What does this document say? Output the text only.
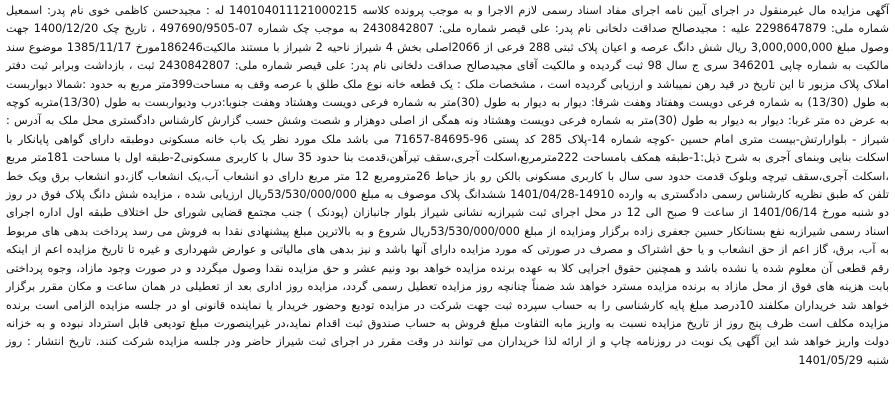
آگهی مزایده مال غیرمنقول در اجرای آیین نامه اجرای مفاد اسناد رسمی لازم الاجرا و به موجب پرونده کلاسه 140104011121000215 له : مجیدحسن کاظمی خوی نام پدر: اسمعیل شماره ملی: 2298647879 علیه : مجیدصالح صداقت دلخانی نام پدر: علی قیصر شماره ملی: 2430842807 به موجب چک شماره 07-497690/9505 ، تاریخ چک 1400/12/20 جهت وصول مبلغ 3,000,000,000 ریال شش دانگ عرصه و اعیان پلاک ثبتی 288 فرعی از 2066اصلی بخش 4 شیراز ناحیه 2 شیراز با مستند مالکیت186246مورخ 1385/11/17 موضوع سند مالکیت به شماره چاپی 346201 سری ج سال 98 ثبت گردیده و مالکیت آقای مجیدصالح صداقت دلخانی نام پدر: علی قیصر شماره ملی: 2430842807 ثبت ، بازداشت وبرابر ثبت دفتر املاک پلاک مزبور تا این تاریخ در قید رهن نمیباشد و ارزیابی گردیده است ، مشخصات ملک : یک قطعه خانه نوع ملک طلق با عرصه وقف به مساحت399متر مربع به حدود :شمالا دیواربست به طول (13/30) به شماره فرعی دویست وهفتاد وهفت شرقا: دیوار به دیوار به طول (30)متر به شماره فرعی دویست وهشتاد وهفت جنوبا:درب ودیواربست به طول (13/30)متربه کوچه به عرض ده متر غربا: دیوار به دیوار به طول (30)متر به شماره فرعی دویست وهشتاد ونه همگی از اصلی دوهزار و شصت وشش حسب گزارش کارشناس دادگستری محل ملک به آدرس : شیراز - بلوارارتش-بیست متری امام حسین -کوچه شماره 14-پلاک 285 کد پستی 96-84695-71657 می باشد ملک مورد نظر یک باب خانه مسکونی دوطبقه دارای گواهی پایانکار با اسکلت بنایی وبنمای آجری به شرح ذیل:1-طبقه همکف بامساحت 222مترمربع،اسکلت آجری،سقف تیرآهن،قدمت بنا حدود 35 سال با کاربری مسکونی2-طبقه اول با مساحت 181متر مربع ،اسکلت آجری،سقف تیرچه وبلوک قدمت حدود سی سال با کاربری مسکونی بالکن رو باز حیاط 26مترومربع 12 متر مربع دارای دو انشعاب آب،یک انشعاب گاز،دو انشعاب برق ویک خط تلفن که طبق نظریه کارشناس رسمی دادگستری به وارده 14910-1401/04/28 ششدانگ پلاک موصوف به مبلغ 53/530/000/000ریال ارزیابی شده ، مزایده شش دانگ پلاک فوق در روز دو شنبه مورخ 1401/06/14 از ساعت 9 صبح الی 12 در محل اجرای ثبت شیرازبه نشانی شیراز بلوار جانبازان (پودنک ) جنب مجتمع قضایی شورای حل اختلاف طبقه اول اداره اجرای اسناد رسمی شیرازبه نفع بستانکار حسین جعفری زاده برگزار ومزایده از مبلغ 53/530/000/000ریال شروع و به بالاترین مبلغ پیشنهادی نقدا به فروش می رسد پرداخت بدهی های مربوط به آب، برق، گاز اعم از حق انشعاب و یا حق اشتراک و مصرف در صورتی که مورد مزایده دارای آنها باشد و نیز بدهی های مالیاتی و عوارض شهرداری و غیره تا تاریخ مزایده اعم از اینکه رقم قطعی آن معلوم شده یا نشده باشد و همچنین حقوق اجرایی کلا به عهده برنده مزایده خواهد بود ونیم عشر و حق مزایده نقدا وصول میگردد و در صورت وجود مازاد، وجوه پرداختی بابت هزینه های فوق از محل مازاد به برنده مزایده مسترد خواهد شد ضمناً چنانچه روز مزایده تعطیل رسمی گردد، مزایده روز اداری بعد از تعطیلی در همان ساعت و مکان مقرر برگزار خواهد شد خریداران مکلفند 10درصد مبلغ پایه کارشناسی را به حساب سپرده ثبت جهت شرکت در مزایده تودیع وحضور خریدار یا نماینده قانونی او در جلسه مزایده الزامی است برنده مزایده مکلف است ظرف پنج روز از تاریخ مزایده نسبت به واریز مابه التفاوت مبلغ فروش به حساب صندوق ثبت اقدام نماید،در غیراینصورت مبلغ تودیعی قابل استرداد نبوده و به خزانه دولت واریز خواهد شد این آگهی یک نوبت در روزنامه چاپ و از ارائه لذا خریداران می توانند در وقت مقرر در اجرای ثبت شیراز حاضر ودر جلسه مزایده شرکت کنند. تاریخ انتشار : روز شنبه 1401/05/29
